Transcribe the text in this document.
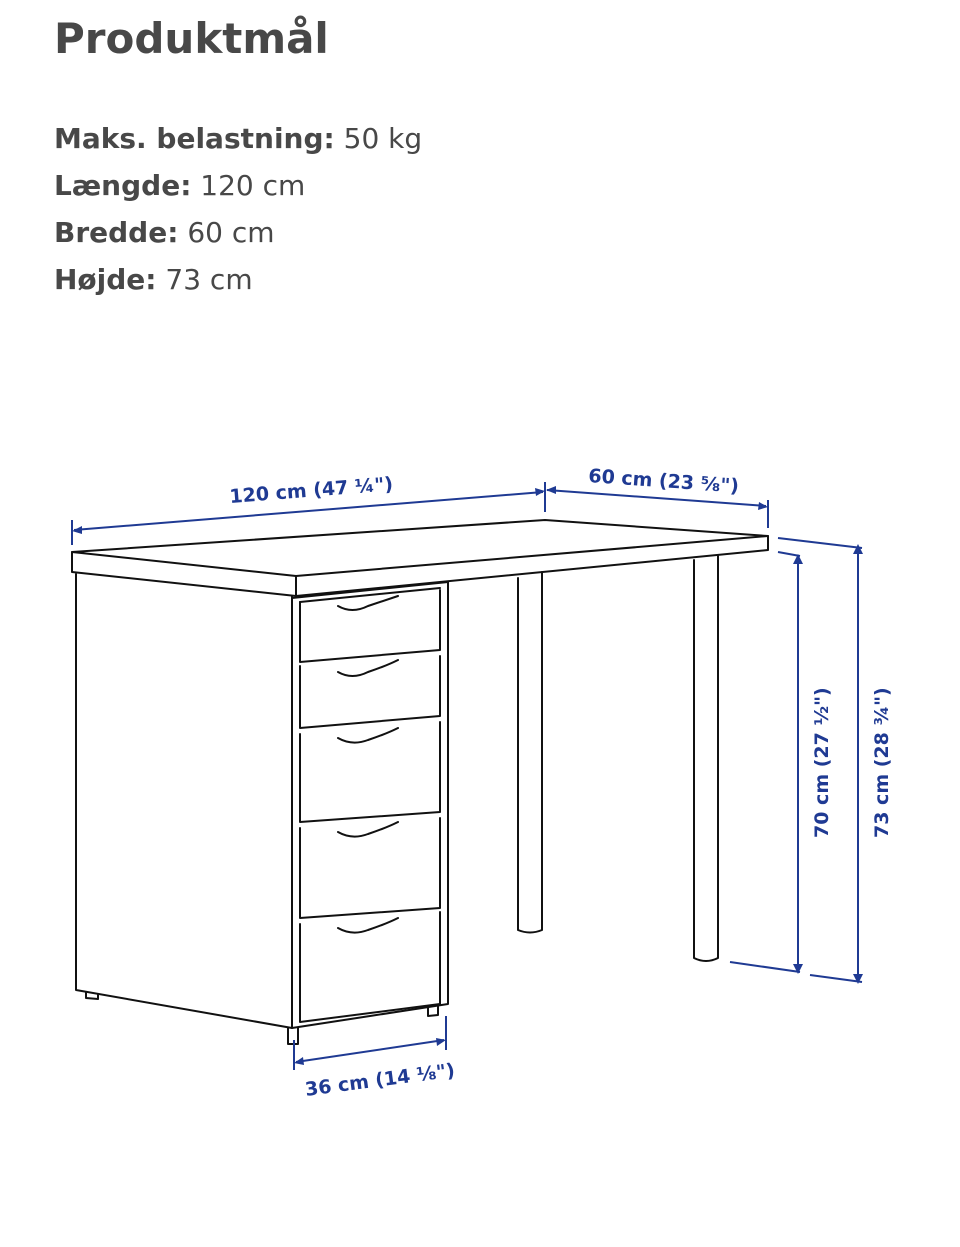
Produktmål
Maks. belastning: 50 kg
Længde: 120 cm
Bredde: 60 cm
Højde: 73 cm
120 cm (47 ¼")	60 cm (23 ⅝")
70 cm (27 ½") 73 cm (28 ¾")
36 cm (14 ⅛")
